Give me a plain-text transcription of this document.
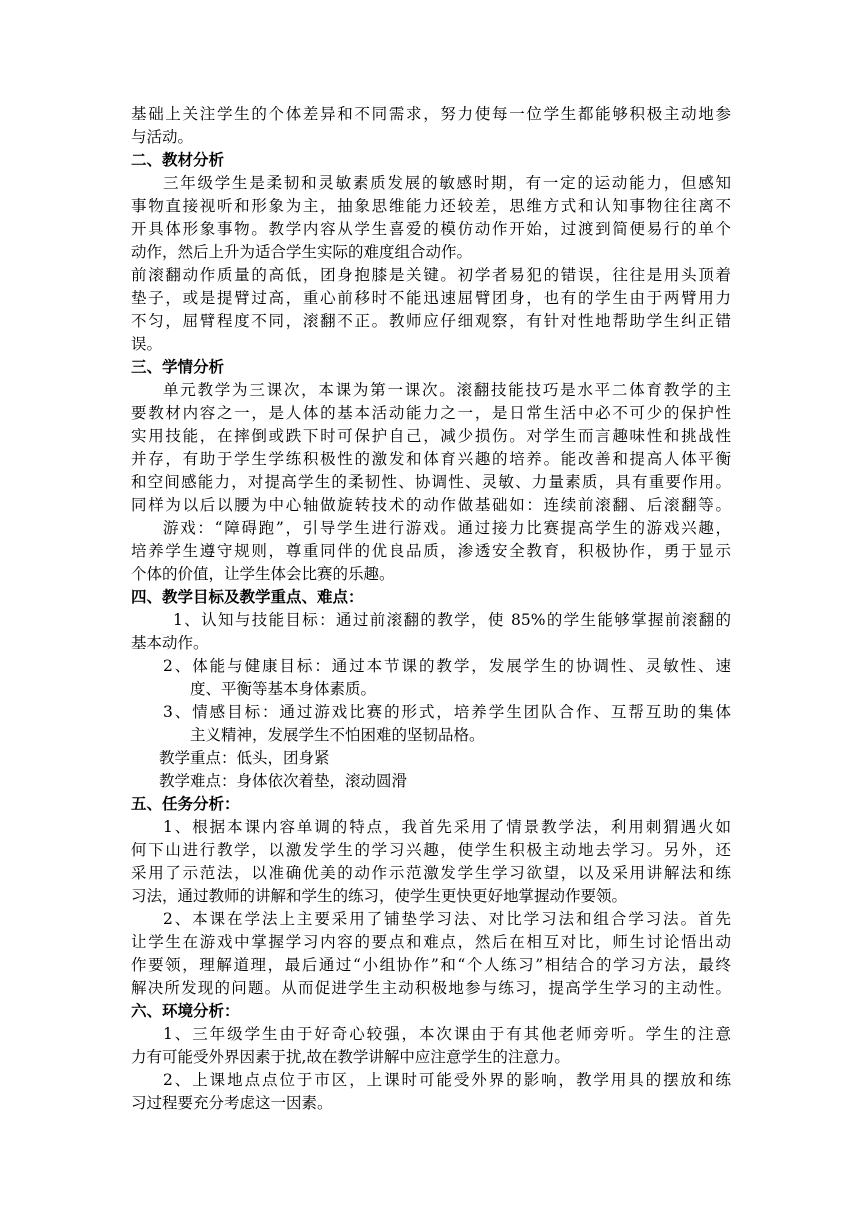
基础上关注学生的个体差异和不同需求，努力使每一位学生都能够积极主动地参
与活动。
二、教材分析
三年级学生是柔韧和灵敏素质发展的敏感时期，有一定的运动能力，但感知
事物直接视听和形象为主，抽象思维能力还较差，思维方式和认知事物往往离不
开具体形象事物。教学内容从学生喜爱的模仿动作开始，过渡到简便易行的单个
动作，然后上升为适合学生实际的难度组合动作。
前滚翻动作质量的高低，团身抱膝是关键。初学者易犯的错误，往往是用头顶着
垫子，或是提臂过高，重心前移时不能迅速屈臂团身，也有的学生由于两臂用力
不匀，屈臂程度不同，滚翻不正。教师应仔细观察，有针对性地帮助学生纠正错
误。
三、学情分析
单元教学为三课次，本课为第一课次。滚翻技能技巧是水平二体育教学的主
要教材内容之一，是人体的基本活动能力之一，是日常生活中必不可少的保护性
实用技能，在摔倒或跌下时可保护自己，减少损伤。对学生而言趣味性和挑战性
并存，有助于学生学练积极性的激发和体育兴趣的培养。能改善和提高人体平衡
和空间感能力，对提高学生的柔韧性、协调性、灵敏、力量素质，具有重要作用。
同样为以后以腰为中心轴做旋转技术的动作做基础如：连续前滚翻、后滚翻等。
游戏：“障碍跑”，引导学生进行游戏。通过接力比赛提高学生的游戏兴趣，
培养学生遵守规则，尊重同伴的优良品质，渗透安全教育，积极协作，勇于显示
个体的价值，让学生体会比赛的乐趣。
四、教学目标及教学重点、难点：
1、认知与技能目标：通过前滚翻的教学，使 85%的学生能够掌握前滚翻的
基本动作。
2、体能与健康目标：通过本节课的教学，发展学生的协调性、灵敏性、速
度、平衡等基本身体素质。
3、情感目标：通过游戏比赛的形式，培养学生团队合作、互帮互助的集体
主义精神，发展学生不怕困难的坚韧品格。
教学重点：低头，团身紧
教学难点：身体依次着垫，滚动圆滑
五、任务分析：
1、根据本课内容单调的特点，我首先采用了情景教学法，利用刺猬遇火如
何下山进行教学，以激发学生的学习兴趣，使学生积极主动地去学习。另外，还
采用了示范法，以准确优美的动作示范激发学生学习欲望，以及采用讲解法和练
习法，通过教师的讲解和学生的练习，使学生更快更好地掌握动作要领。
2、本课在学法上主要采用了铺垫学习法、对比学习法和组合学习法。首先
让学生在游戏中掌握学习内容的要点和难点，然后在相互对比，师生讨论悟出动
作要领，理解道理，最后通过“小组协作”和“个人练习”相结合的学习方法，最终
解决所发现的问题。从而促进学生主动积极地参与练习，提高学生学习的主动性。
六、环境分析：
1、三年级学生由于好奇心较强，本次课由于有其他老师旁听。学生的注意
力有可能受外界因素于扰,故在教学讲解中应注意学生的注意力。
2、上课地点点位于市区，上课时可能受外界的影响，教学用具的摆放和练
习过程要充分考虑这一因素。
